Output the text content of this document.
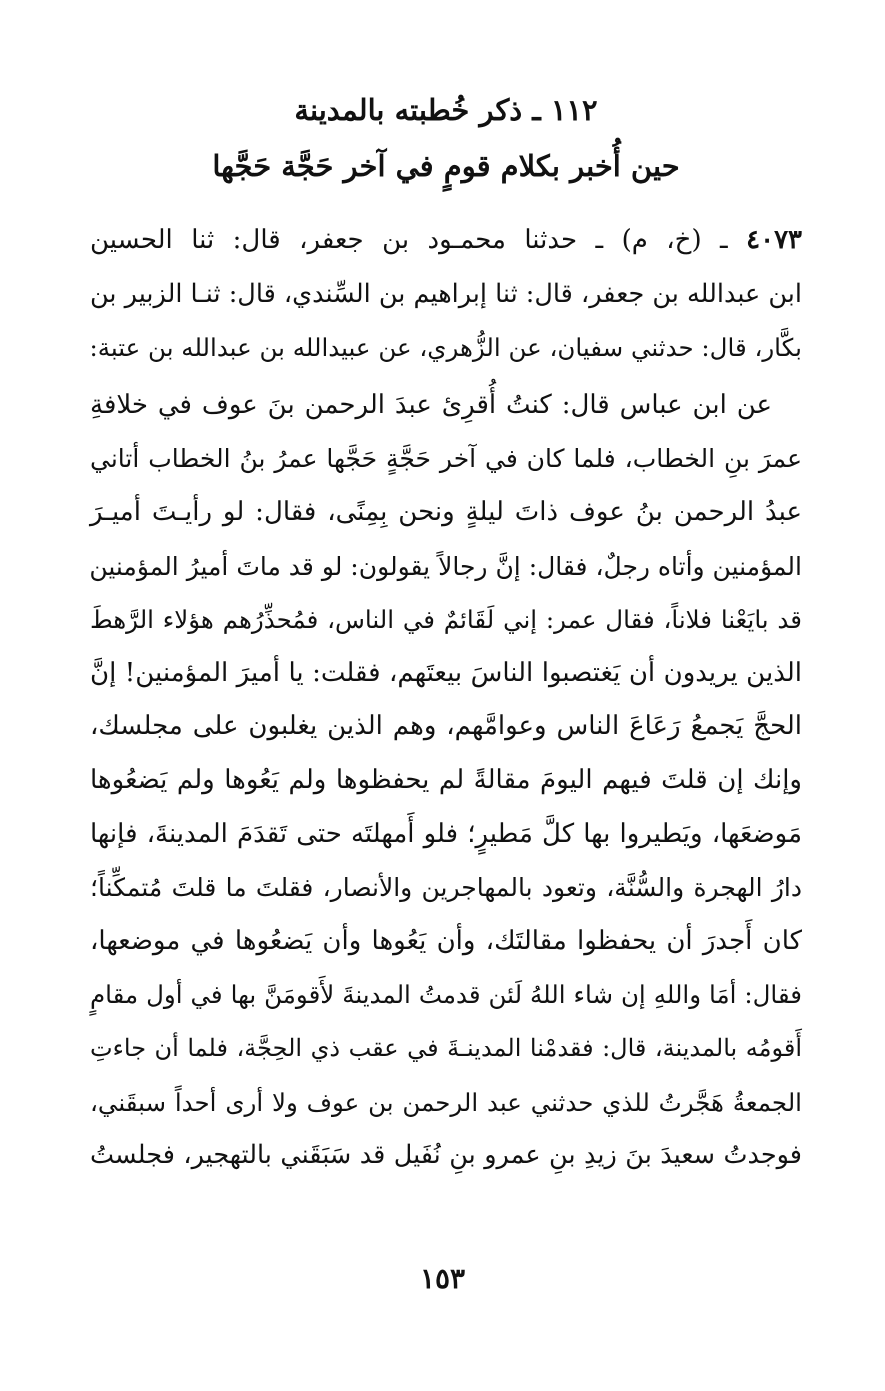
١١٢ ـ ذكر خُطبته بالمدينة
حين أُخبر بكلام قومٍ في آخر حَجَّة حَجَّها
٤٠٧٣ ـ (خ، م) ـ حدثنا محمـود بن جعفر، قال: ثنا الحسين
ابن عبدالله بن جعفر، قال: ثنا إبراهيم بن السِّندي، قال: ثنـا الزبير بن
بكَّار، قال: حدثني سفيان، عن الزُّهري، عن عبيدالله بن عبدالله بن عتبة:
عن ابن عباس قال: كنتُ أُقرِئ عبدَ الرحمن بنَ عوف في خلافةِ
عمرَ بنِ الخطاب، فلما كان في آخر حَجَّةٍ حَجَّها عمرُ بنُ الخطاب أتاني
عبدُ الرحمن بنُ عوف ذاتَ ليلةٍ ونحن بِمِنًى، فقال: لو رأيـتَ أميـرَ
المؤمنين وأتاه رجلٌ، فقال: إنَّ رجالاً يقولون: لو قد ماتَ أميرُ المؤمنين
قد بايَعْنا فلاناً، فقال عمر: إني لَقَائمٌ في الناس، فمُحذِّرُهم هؤلاء الرَّهطَ
الذين يريدون أن يَغتصبوا الناسَ بيعتَهم، فقلت: يا أميرَ المؤمنين! إنَّ
الحجَّ يَجمعُ رَعَاعَ الناس وعوامَّهم، وهم الذين يغلبون على مجلسك،
وإنك إن قلتَ فيهم اليومَ مقالةً لم يحفظوها ولم يَعُوها ولم يَضعُوها
مَوضعَها، ويَطيروا بها كلَّ مَطيرٍ؛ فلو أَمهلتَه حتى تَقدَمَ المدينةَ، فإنها
دارُ الهجرة والسُّنَّة، وتعود بالمهاجرين والأنصار، فقلتَ ما قلتَ مُتمكِّناً؛
كان أَجدرَ أن يحفظوا مقالتَك، وأن يَعُوها وأن يَضعُوها في موضعها،
فقال: أمَا واللهِ إن شاء اللهُ لَئن قدمتُ المدينةَ لأَقومَنَّ بها في أول مقامٍ
أَقومُه بالمدينة، قال: فقدمْنا المدينـةَ في عقب ذي الحِجَّة، فلما أن جاءتِ
الجمعةُ هَجَّرتُ للذي حدثني عبد الرحمن بن عوف ولا أرى أحداً سبقَني،
فوجدتُ سعيدَ بنَ زيدِ بنِ عمرو بنِ نُفَيل قد سَبَقَني بالتهجير، فجلستُ
١٥٣
